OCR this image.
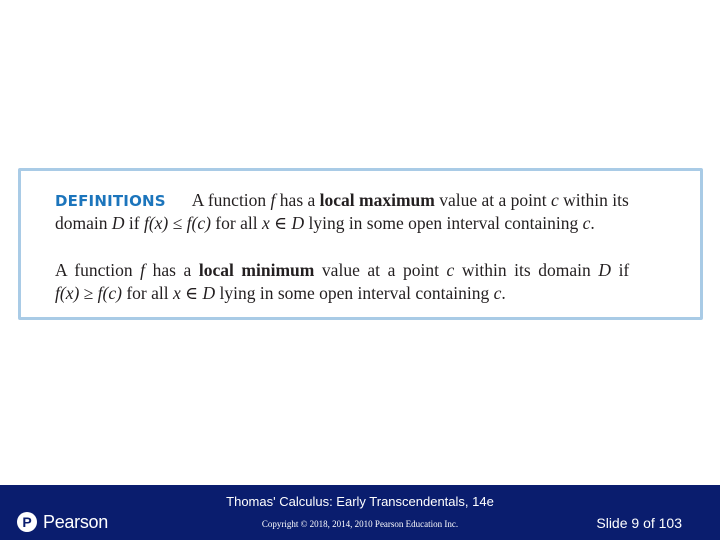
DEFINITIONS A function f has a local maximum value at a point c within its
domain D if f(x) ≤ f(c) for all x ∈ D lying in some open interval containing c.
A function f has a local minimum value at a point c within its domain D if
f(x) ≥ f(c) for all x ∈ D lying in some open interval containing c.
P Pearson
Thomas' Calculus: Early Transcendentals, 14e
Copyright © 2018, 2014, 2010 Pearson Education Inc.	Slide 9 of 103
